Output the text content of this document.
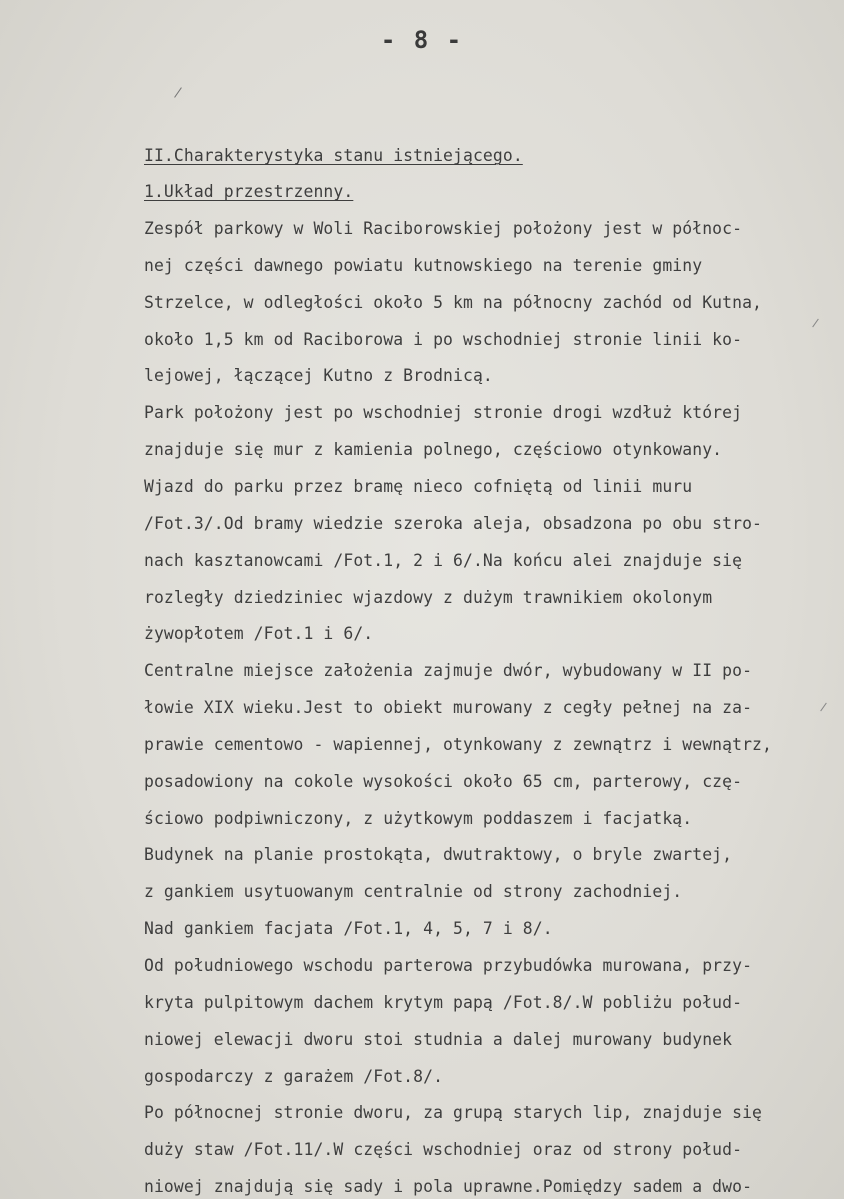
- 8 -
II.Charakterystyka stanu istniejącego.
1.Układ przestrzenny.
Zespół parkowy w Woli Raciborowskiej położony jest w północ-
nej części dawnego powiatu kutnowskiego na terenie gminy
Strzelce, w odległości około 5 km na północny zachód od Kutna,
około 1,5 km od Raciborowa i po wschodniej stronie linii ko-
lejowej, łączącej Kutno z Brodnicą.
Park położony jest po wschodniej stronie drogi wzdłuż której
znajduje się mur z kamienia polnego, częściowo otynkowany.
Wjazd do parku przez bramę nieco cofniętą od linii muru
/Fot.3/.Od bramy wiedzie szeroka aleja, obsadzona po obu stro-
nach kasztanowcami /Fot.1, 2 i 6/.Na końcu alei znajduje się
rozległy dziedziniec wjazdowy z dużym trawnikiem okolonym
żywopłotem /Fot.1 i 6/.
Centralne miejsce założenia zajmuje dwór, wybudowany w II po-
łowie XIX wieku.Jest to obiekt murowany z cegły pełnej na za-
prawie cementowo - wapiennej, otynkowany z zewnątrz i wewnątrz,
posadowiony na cokole wysokości około 65 cm, parterowy, czę-
ściowo podpiwniczony, z użytkowym poddaszem i facjatką.
Budynek na planie prostokąta, dwutraktowy, o bryle zwartej,
z gankiem usytuowanym centralnie od strony zachodniej.
Nad gankiem facjata /Fot.1, 4, 5, 7 i 8/.
Od południowego wschodu parterowa przybudówka murowana, przy-
kryta pulpitowym dachem krytym papą /Fot.8/.W pobliżu połud-
niowej elewacji dworu stoi studnia a dalej murowany budynek
gospodarczy z garażem /Fot.8/.
Po północnej stronie dworu, za grupą starych lip, znajduje się
duży staw /Fot.11/.W części wschodniej oraz od strony połud-
niowej znajdują się sady i pola uprawne.Pomiędzy sadem a dwo-
